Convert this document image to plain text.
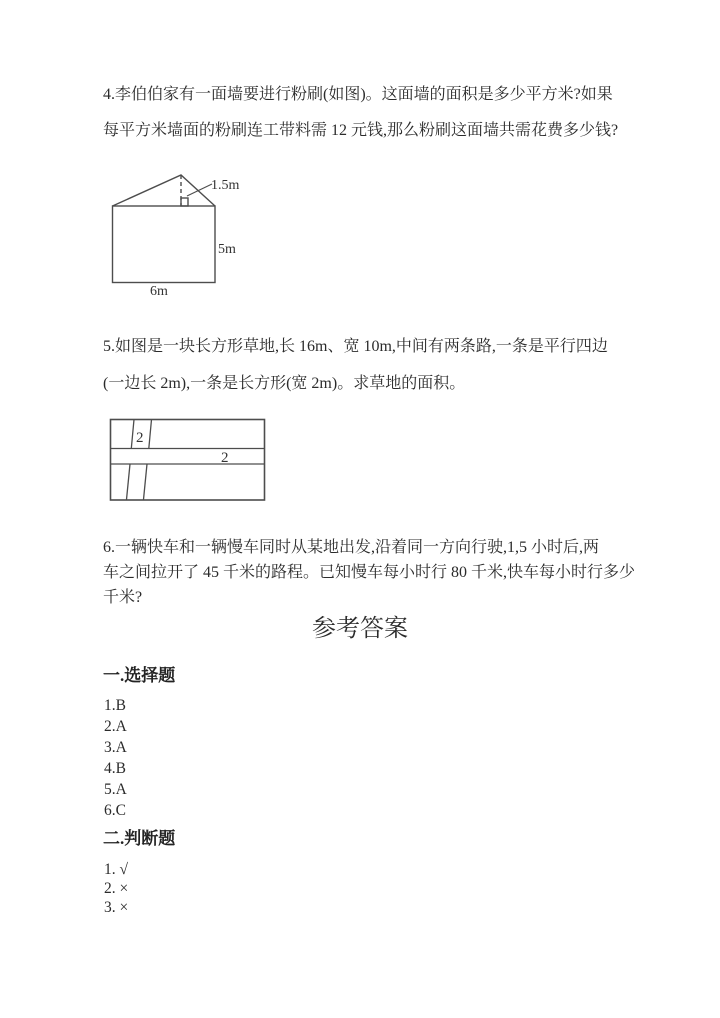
4.李伯伯家有一面墙要进行粉刷(如图)。这面墙的面积是多少平方米?如果
每平方米墙面的粉刷连工带料需 12 元钱,那么粉刷这面墙共需花费多少钱?
1.5m
5m
6m
5.如图是一块长方形草地,长 16m、宽 10m,中间有两条路,一条是平行四边
(一边长 2m),一条是长方形(宽 2m)。求草地的面积。
2
2
6.一辆快车和一辆慢车同时从某地出发,沿着同一方向行驶,1,5 小时后,两
车之间拉开了 45 千米的路程。已知慢车每小时行 80 千米,快车每小时行多少
千米?
参考答案
一.选择题
1.B
2.A
3.A
4.B
5.A
6.C
二.判断题
1. √
2. ×
3. ×
